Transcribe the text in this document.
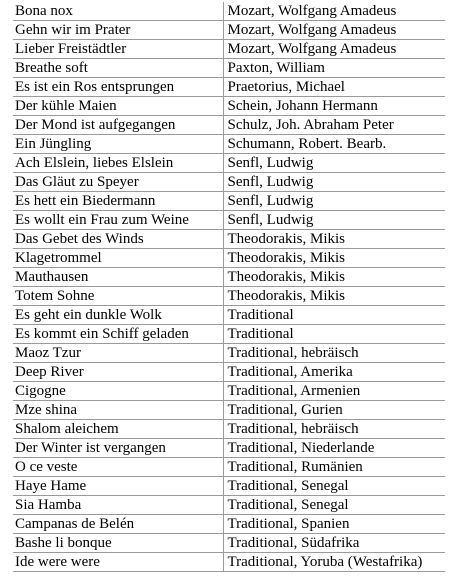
Bona nox	Mozart, Wolfgang Amadeus
Gehn wir im Prater	Mozart, Wolfgang Amadeus
Lieber Freistädtler	Mozart, Wolfgang Amadeus
Breathe soft	Paxton, William
Es ist ein Ros entsprungen	Praetorius, Michael
Der kühle Maien	Schein, Johann Hermann
Der Mond ist aufgegangen	Schulz, Joh. Abraham Peter
Ein Jüngling	Schumann, Robert. Bearb.
Ach Elslein, liebes Elslein	Senfl, Ludwig
Das Gläut zu Speyer	Senfl, Ludwig
Es hett ein Biedermann	Senfl, Ludwig
Es wollt ein Frau zum Weine	Senfl, Ludwig
Das Gebet des Winds	Theodorakis, Mikis
Klagetrommel	Theodorakis, Mikis
Mauthausen	Theodorakis, Mikis
Totem Sohne	Theodorakis, Mikis
Es geht ein dunkle Wolk	Traditional
Es kommt ein Schiff geladen	Traditional
Maoz Tzur	Traditional, hebräisch
Deep River	Traditional, Amerika
Cigogne	Traditional, Armenien
Mze shina	Traditional, Gurien
Shalom aleichem	Traditional, hebräisch
Der Winter ist vergangen	Traditional, Niederlande
O ce veste	Traditional, Rumänien
Haye Hame	Traditional, Senegal
Sia Hamba	Traditional, Senegal
Campanas de Belén	Traditional, Spanien
Bashe li bonque	Traditional, Südafrika
Ide were were	Traditional, Yoruba (Westafrika)
